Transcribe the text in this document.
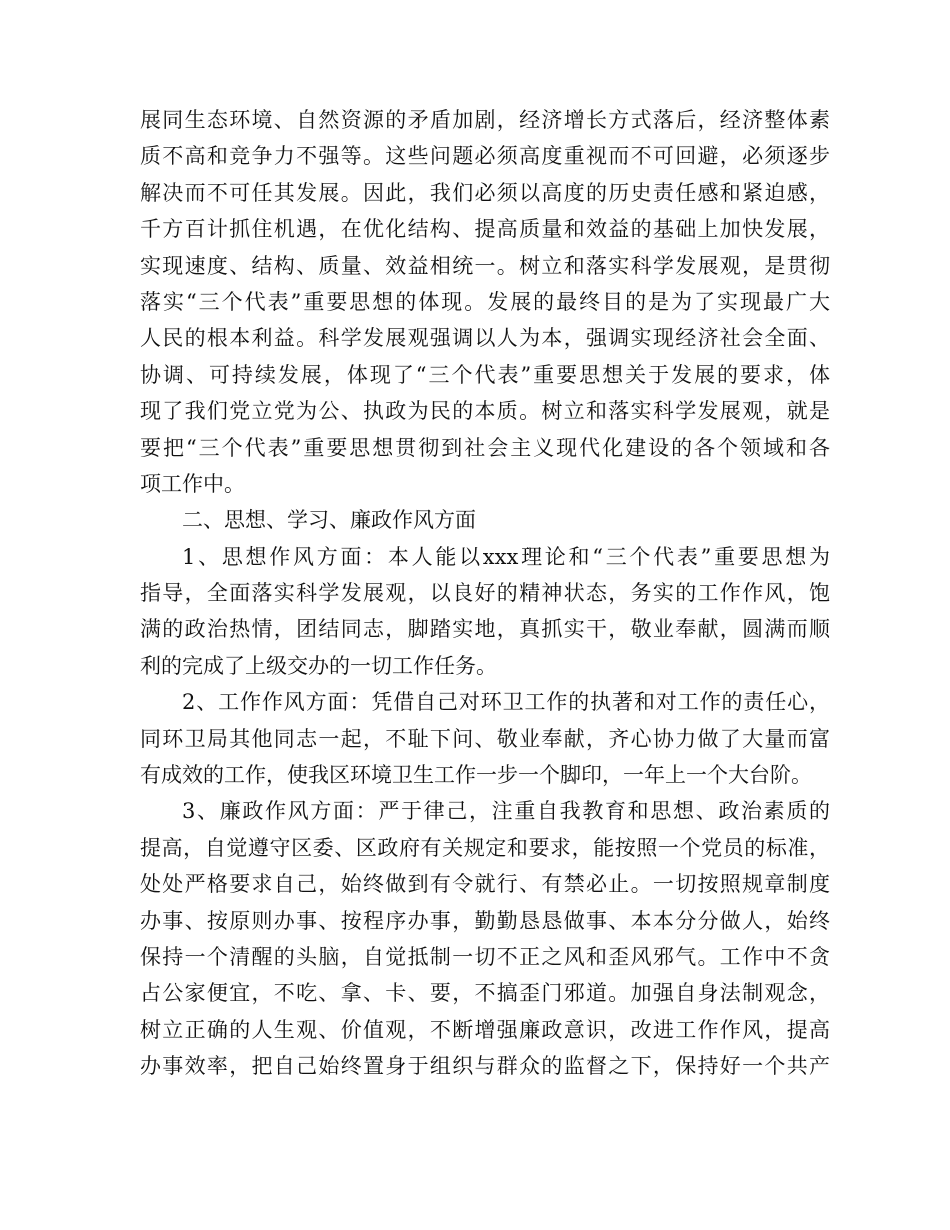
展同生态环境、自然资源的矛盾加剧，经济增长方式落后，经济整体素
质不高和竞争力不强等。这些问题必须高度重视而不可回避，必须逐步
解决而不可任其发展。因此，我们必须以高度的历史责任感和紧迫感，
千方百计抓住机遇，在优化结构、提高质量和效益的基础上加快发展，
实现速度、结构、质量、效益相统一。树立和落实科学发展观，是贯彻
落实“三个代表”重要思想的体现。发展的最终目的是为了实现最广大
人民的根本利益。科学发展观强调以人为本，强调实现经济社会全面、
协调、可持续发展，体现了“三个代表”重要思想关于发展的要求，体
现了我们党立党为公、执政为民的本质。树立和落实科学发展观，就是
要把“三个代表”重要思想贯彻到社会主义现代化建设的各个领域和各
项工作中。
二、思想、学习、廉政作风方面
1、思想作风方面：本人能以xxx理论和“三个代表”重要思想为
指导，全面落实科学发展观，以良好的精神状态，务实的工作作风，饱
满的政治热情，团结同志，脚踏实地，真抓实干，敬业奉献，圆满而顺
利的完成了上级交办的一切工作任务。
2、工作作风方面：凭借自己对环卫工作的执著和对工作的责任心，
同环卫局其他同志一起，不耻下问、敬业奉献，齐心协力做了大量而富
有成效的工作，使我区环境卫生工作一步一个脚印，一年上一个大台阶。
3、廉政作风方面：严于律己，注重自我教育和思想、政治素质的
提高，自觉遵守区委、区政府有关规定和要求，能按照一个党员的标准，
处处严格要求自己，始终做到有令就行、有禁必止。一切按照规章制度
办事、按原则办事、按程序办事，勤勤恳恳做事、本本分分做人，始终
保持一个清醒的头脑，自觉抵制一切不正之风和歪风邪气。工作中不贪
占公家便宜，不吃、拿、卡、要，不搞歪门邪道。加强自身法制观念，
树立正确的人生观、价值观，不断增强廉政意识，改进工作作风，提高
办事效率，把自己始终置身于组织与群众的监督之下，保持好一个共产
